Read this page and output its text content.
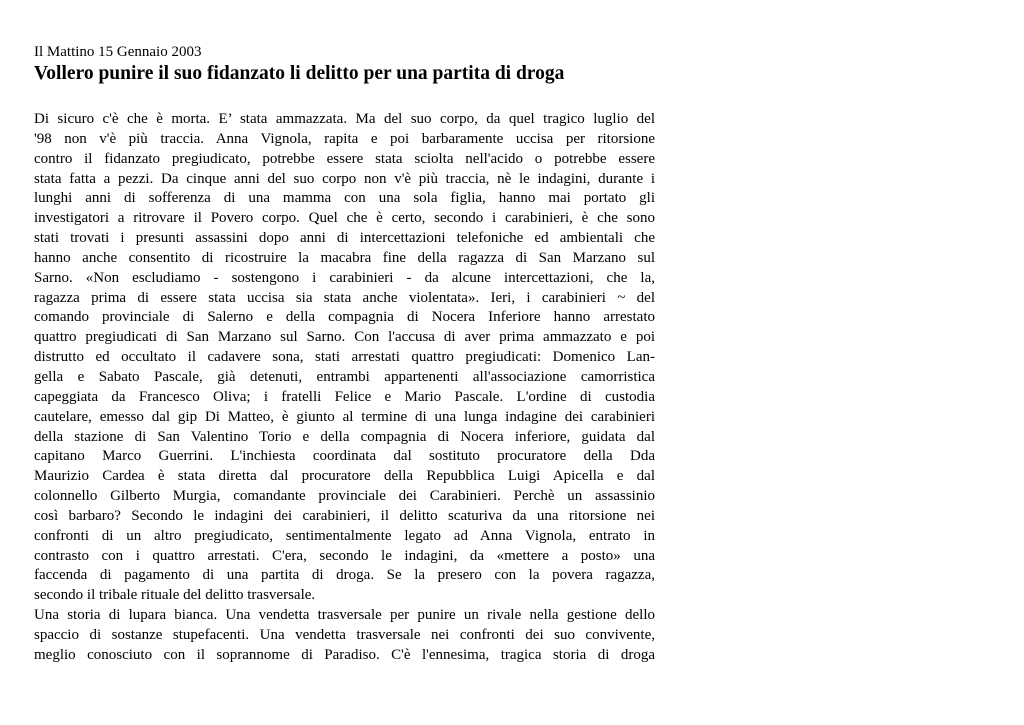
Il Mattino 15 Gennaio 2003

Vollero punire il suo fidanzato li delitto per una partita di droga
Di sicuro c'è che è morta. E’ stata ammazzata. Ma del suo corpo, da quel tragico luglio del
'98 non v'è più traccia. Anna Vignola, rapita e poi barbaramente uccisa per ritorsione
contro il fidanzato pregiudicato, potrebbe essere stata sciolta nell'acido o potrebbe essere
stata fatta a pezzi. Da cinque anni del suo corpo non v'è più traccia, nè le indagini, durante i
lunghi anni di sofferenza di una mamma con una sola figlia, hanno mai portato gli
investigatori a ritrovare il Povero corpo. Quel che è certo, secondo i carabinieri, è che sono
stati trovati i presunti assassini dopo anni di intercettazioni telefoniche ed ambientali che
hanno anche consentito di ricostruire la macabra fine della ragazza di San Marzano sul
Sarno. «Non escludiamo - sostengono i carabinieri - da alcune intercettazioni, che la,
ragazza prima di essere stata uccisa sia stata anche violentata». Ieri, i carabinieri ~ del
comando provinciale di Salerno e della compagnia di Nocera Inferiore hanno arrestato
quattro pregiudicati di San Marzano sul Sarno. Con l'accusa di aver prima ammazzato e poi
distrutto ed occultato il cadavere sona, stati arrestati quattro pregiudicati: Domenico Lan-
gella e Sabato Pascale, già detenuti, entrambi appartenenti all'associazione camorristica
capeggiata da Francesco Oliva; i fratelli Felice e Mario Pascale. L'ordine di custodia
cautelare, emesso dal gip Di Matteo, è giunto al termine di una lunga indagine dei carabinieri
della stazione di San Valentino Torio e della compagnia di Nocera inferiore, guidata dal
capitano Marco Guerrini. L'inchiesta coordinata dal sostituto procuratore della Dda
Maurizio Cardea è stata diretta dal procuratore della Repubblica Luigi Apicella e dal
colonnello Gilberto Murgia, comandante provinciale dei Carabinieri. Perchè un assassinio
così barbaro? Secondo le indagini dei carabinieri, il delitto scaturiva da una ritorsione nei
confronti di un altro pregiudicato, sentimentalmente legato ad Anna Vignola, entrato in
contrasto con i quattro arrestati. C'era, secondo le indagini, da «mettere a posto» una
faccenda di pagamento di una partita di droga. Se la presero con la povera ragazza,
secondo il tribale rituale del delitto trasversale.
Una storia di lupara bianca. Una vendetta trasversale per punire un rivale nella gestione dello
spaccio di sostanze stupefacenti. Una vendetta trasversale nei confronti dei suo convivente,
meglio conosciuto con il soprannome di Paradiso. C'è l'ennesima, tragica storia di droga
